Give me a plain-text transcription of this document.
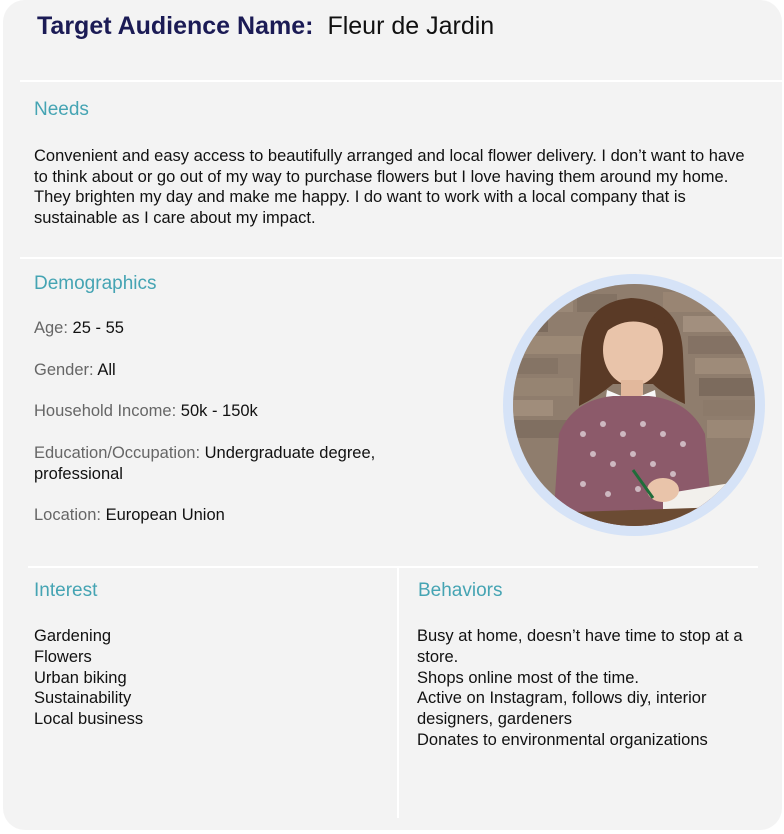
Target Audience Name: Fleur de Jardin
Needs
Convenient and easy access to beautifully arranged and local flower delivery. I don’t want to have to think about or go out of my way to purchase flowers but I love having them around my home. They brighten my day and make me happy. I do want to work with a local company that is sustainable as I care about my impact.
Demographics
Age: 25 - 55
Gender: All
Household Income: 50k - 150k
Education/Occupation: Undergraduate degree, professional
Location: European Union
Interest
Gardening
Flowers
Urban biking
Sustainability
Local business
Behaviors
Busy at home, doesn’t have time to stop at a store.
Shops online most of the time.
Active on Instagram, follows diy, interior designers, gardeners
Donates to environmental organizations
